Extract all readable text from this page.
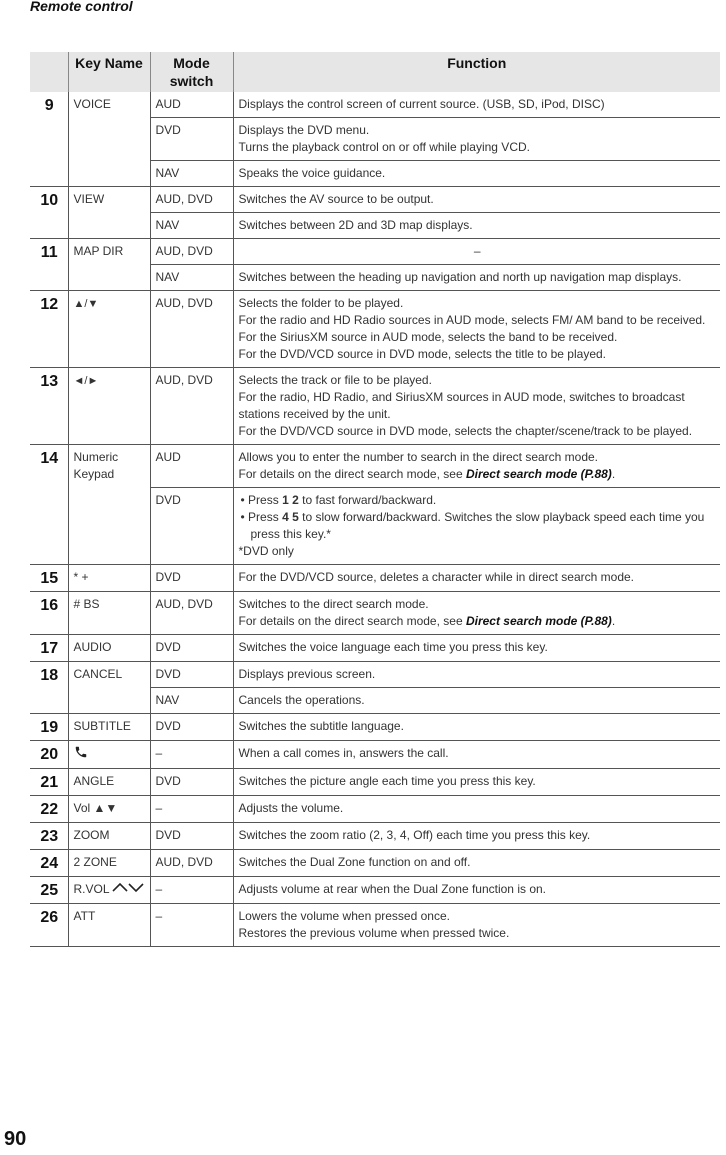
Remote control
	Key Name	Mode switch	Function
9	VOICE	AUD	Displays the control screen of current source. (USB, SD, iPod, DISC)
		DVD	Displays the DVD menu.

Turns the playback control on or off while playing VCD.

		NAV	Speaks the voice guidance.
10	VIEW	AUD, DVD	Switches the AV source to be output.
		NAV	Switches between 2D and 3D map displays.
11	MAP DIR	AUD, DVD	–
		NAV	Switches between the heading up navigation and north up navigation map displays.
12	▲/▼	AUD, DVD	Selects the folder to be played.

For the radio and HD Radio sources in AUD mode, selects FM/ AM band to be received.

For the SiriusXM source in AUD mode, selects the band to be received.

For the DVD/VCD source in DVD mode, selects the title to be played.

13	◄/►	AUD, DVD	Selects the track or file to be played.

For the radio, HD Radio, and SiriusXM sources in AUD mode, switches to broadcast stations received by the unit.

For the DVD/VCD source in DVD mode, selects the chapter/scene/track to be played.

14	Numeric Keypad	AUD	Allows you to enter the number to search in the direct search mode.

For details on the direct search mode, see Direct search mode (P.88).

		DVD	• Press 1 2 to fast forward/backward.

• Press 4 5 to slow forward/backward. Switches the slow playback speed each time you press this key.*

*DVD only

15	* +	DVD	For the DVD/VCD source, deletes a character while in direct search mode.
16	# BS	AUD, DVD	Switches to the direct search mode.

For details on the direct search mode, see Direct search mode (P.88).

17	AUDIO	DVD	Switches the voice language each time you press this key.
18	CANCEL	DVD	Displays previous screen.
		NAV	Cancels the operations.
19	SUBTITLE	DVD	Switches the subtitle language.
20		–	When a call comes in, answers the call.
21	ANGLE	DVD	Switches the picture angle each time you press this key.
22	Vol ▲▼	–	Adjusts the volume.
23	ZOOM	DVD	Switches the zoom ratio (2, 3, 4, Off) each time you press this key.
24	2 ZONE	AUD, DVD	Switches the Dual Zone function on and off.
25	R.VOL	–	Adjusts volume at rear when the Dual Zone function is on.
26	ATT	–	Lowers the volume when pressed once.

Restores the previous volume when pressed twice.

90
